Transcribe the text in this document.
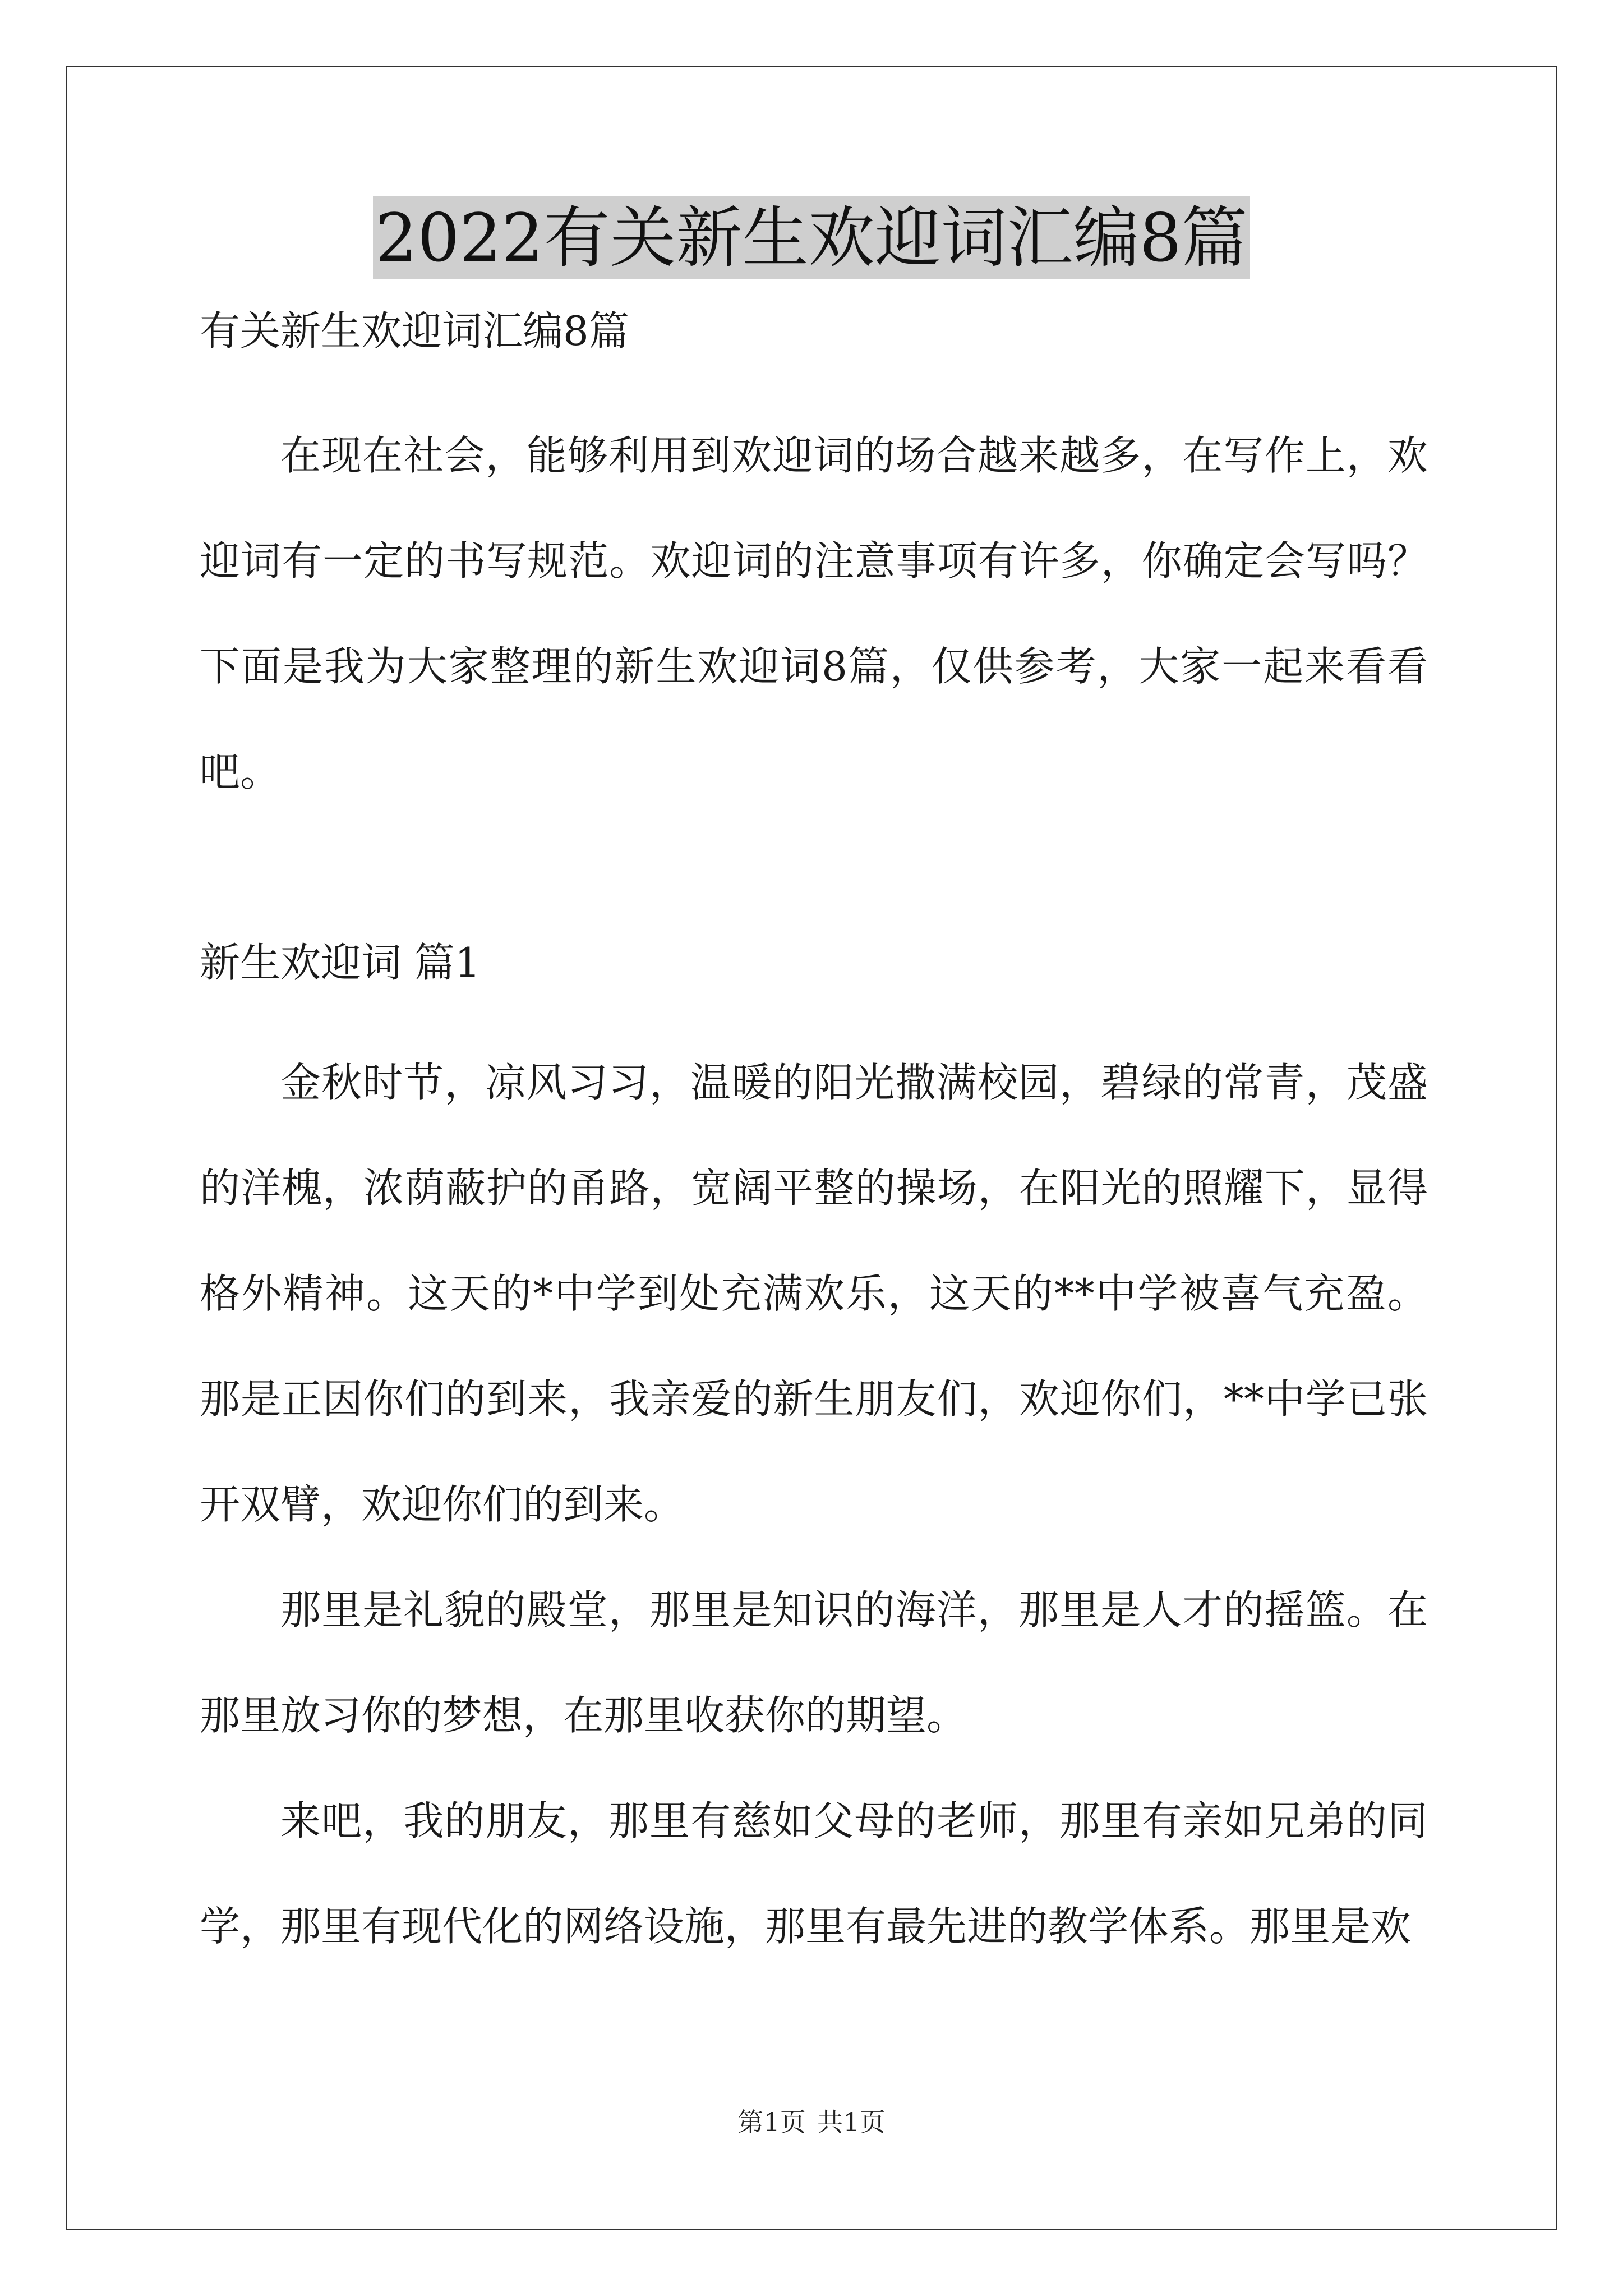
2022有关新生欢迎词汇编8篇

有关新生欢迎词汇编8篇

在现在社会，能够利用到欢迎词的场合越来越多，在写作上，欢迎词有一定的书写规范。欢迎词的注意事项有许多，你确定会写吗？下面是我为大家整理的新生欢迎词8篇，仅供参考，大家一起来看看吧。

新生欢迎词 篇1

金秋时节，凉风习习，温暖的阳光撒满校园，碧绿的常青，茂盛的洋槐，浓荫蔽护的甬路，宽阔平整的操场，在阳光的照耀下，显得格外精神。这天的*中学到处充满欢乐，这天的**中学被喜气充盈。那是正因你们的到来，我亲爱的新生朋友们，欢迎你们，**中学已张开双臂，欢迎你们的到来。

那里是礼貌的殿堂，那里是知识的海洋，那里是人才的摇篮。在那里放习你的梦想，在那里收获你的期望。

来吧，我的朋友，那里有慈如父母的老师，那里有亲如兄弟的同学，那里有现代化的网络设施，那里有最先进的教学体系。那里是欢

第1页 共1页
